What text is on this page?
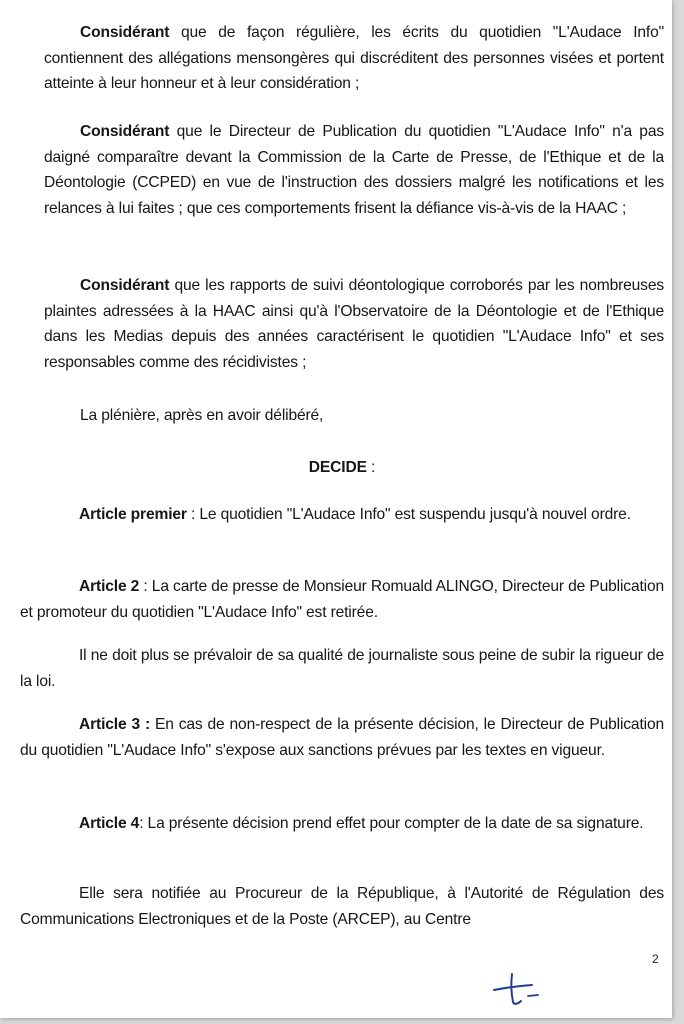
Considérant que de façon régulière, les écrits du quotidien "L'Audace Info" contiennent des allégations mensongères qui discréditent des personnes visées et portent atteinte à leur honneur et à leur considération ;
Considérant que le Directeur de Publication du quotidien "L'Audace Info" n'a pas daigné comparaître devant la Commission de la Carte de Presse, de l'Ethique et de la Déontologie (CCPED) en vue de l'instruction des dossiers malgré les notifications et les relances à lui faites ; que ces comportements frisent la défiance vis-à-vis de la HAAC ;
Considérant que les rapports de suivi déontologique corroborés par les nombreuses plaintes adressées à la HAAC ainsi qu'à l'Observatoire de la Déontologie et de l'Ethique dans les Medias depuis des années caractérisent le quotidien "L'Audace Info" et ses responsables comme des récidivistes ;
La plénière, après en avoir délibéré,
DECIDE :
Article premier : Le quotidien "L'Audace Info" est suspendu jusqu'à nouvel ordre.
Article 2 : La carte de presse de Monsieur Romuald ALINGO, Directeur de Publication et promoteur du quotidien "L'Audace Info" est retirée.
Il ne doit plus se prévaloir de sa qualité de journaliste sous peine de subir la rigueur de la loi.
Article 3 : En cas de non-respect de la présente décision, le Directeur de Publication du quotidien "L'Audace Info" s'expose aux sanctions prévues par les textes en vigueur.
Article 4: La présente décision prend effet pour compter de la date de sa signature.
Elle sera notifiée au Procureur de la République, à l'Autorité de Régulation des Communications Electroniques et de la Poste (ARCEP), au Centre
2
